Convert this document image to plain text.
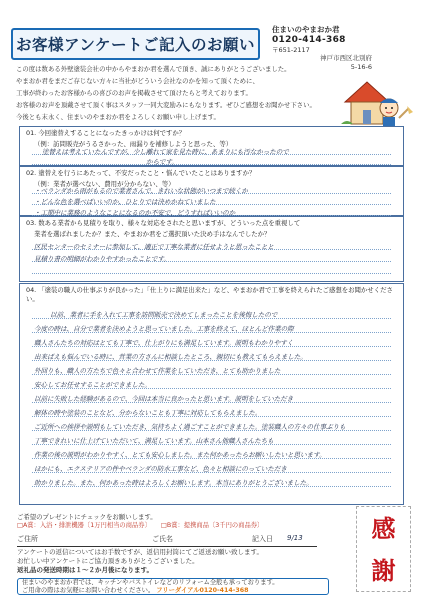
お客様アンケートご記入のお願い
住まいのやまおか君
0120-414-368
〒651-2117
神戸市西区北別府
5-16-6
この度は数ある外壁塗装会社の中からやまおか君を選んで頂き、誠にありがとうございました。
やまおか君をまだご存じない方々に当社がどういう会社なのかを知って頂くために、
工事が終わったお客様からの喜びのお声を掲載させて頂けたらと考えております。
お客様のお声を頂戴させて頂く事はスタッフ一同大変励みにもなります。ぜひご感想をお聞かせ下さい。
今後とも末永く、住まいのやまおか君をよろしくお願い申し上げます。
01. 今回塗替えすることになったきっかけは何ですか？
（例：訪問販売がうるさかった、雨漏りを補修しようと思った、等）
塗替えは考えていたんですが、少し離れて家を見た時に、あまりにも汚なかったので
からです。
02. 塗替えを行うにあたって、不安だったこと・悩んでいたことはありますか？
（例：業者が選べない、費用が分からない、等）
・ベランダから雨がもるので業者さんで、きれいな状態がいつまで続くか
・どんな色を選べばいいのか、ひとりでは決めかねていました
・工期中に業務のようなことになるのか不安で、どうすればいいのか
03. 数ある業者から見積りを取り、様々な対応をされたと思いますが、どういった点を重視して
業者を選ばれましたか？また、やまおか君をご選択頂いた決め手はなんでしたか？
区民センターのセミナーに参加して、適正で丁寧な業者に任せようと思ったことと
見積り書の明細がわかりやすかったことです。
04. 「塗装の職人の仕事ぶりが良かった」「仕上りに満足出来た」など、やまおか君で工事を終えられたご感想をお聞かせください。
以前、業者に手を入れて工事を訪問販売で決めてしまったことを後悔したので
今度の時は、自分で業者を決めようと思っていました。工事を終えて、ほとんど作業の際
職人さんたちの対応はとても丁寧で、仕上がりにも満足しています。説明もわかりやすく
出来ばえも悩んでいる時に、営業の方さんに相談したところ、親切にも教えてもらえました。
外回りも、職人の方たちで色々と合わせて作業をしていただき、とても助かりました
安心してお任せすることができました。
以前に失敗した経験があるので、今回は本当に良かったと思います。説明をしていただき
解体の時や塗装のことなど、分からないことも丁寧に対応してもらえました。
ご近所への挨拶や説明もしていただき、気持ちよく過ごすことができました。塗装職人の方々の仕事ぶりも
丁寧できれいに仕上げていただいて、満足しています。山本さん他職人さんたちも
作業の後の説明がわかりやすく、とても安心しました。また何かあったらお願いしたいと思います。
ほかにも、エクステリアの件やベランダの防水工事など、色々と相談にのっていただき
助かりました。また、何かあった時はよろしくお願いします。本当にありがとうございました。
ご希望のプレゼントにチェックをお願いします。
□A賞：入浴・排泄機器〔1万円相当の商品券〕 □B賞：提携商品〔3千円の商品券〕
ご住所	ご氏名	記入日 9/13
アンケートの返信についてはお手数ですが、返信用封筒にてご返送お願い致します。
お忙しい中アンケートにご協力頂きありがとうございました。
返礼品の発送時期は１～２か月後になります。
住まいのやまおか君では、キッチンやバストイレなどのリフォーム全般も承っております。
ご用命の際はお気軽にお問い合わせください。 フリーダイアル0120-414-368
感
謝
